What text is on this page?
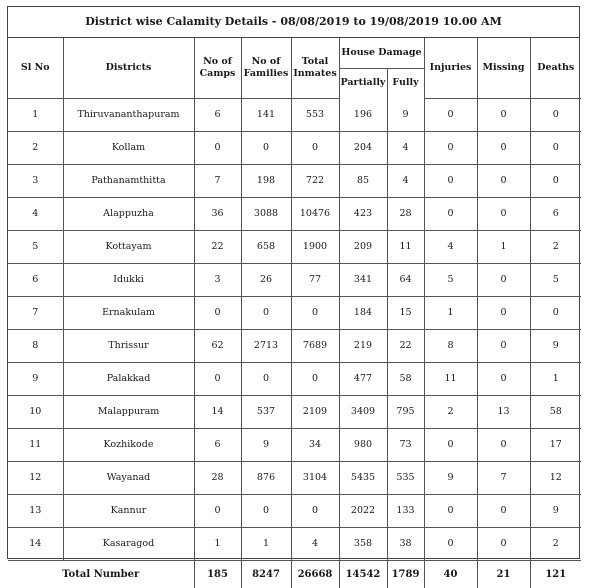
District wise Calamity Details - 08/08/2019 to 19/08/2019 10.00 AM
Sl No	Districts	No of Camps	No of Families	Total Inmates	House Damage		Injuries	Missing	Deaths
					Partially	Fully			
1	Thiruvananthapuram	6	141	553	196	9	0	0	0
2	Kollam	0	0	0	204	4	0	0	0
3	Pathanamthitta	7	198	722	85	4	0	0	0
4	Alappuzha	36	3088	10476	423	28	0	0	6
5	Kottayam	22	658	1900	209	11	4	1	2
6	Idukki	3	26	77	341	64	5	0	5
7	Ernakulam	0	0	0	184	15	1	0	0
8	Thrissur	62	2713	7689	219	22	8	0	9
9	Palakkad	0	0	0	477	58	11	0	1
10	Malappuram	14	537	2109	3409	795	2	13	58
11	Kozhikode	6	9	34	980	73	0	0	17
12	Wayanad	28	876	3104	5435	535	9	7	12
13	Kannur	0	0	0	2022	133	0	0	9
14	Kasaragod	1	1	4	358	38	0	0	2
Total Number		185	8247	26668	14542	1789	40	21	121
